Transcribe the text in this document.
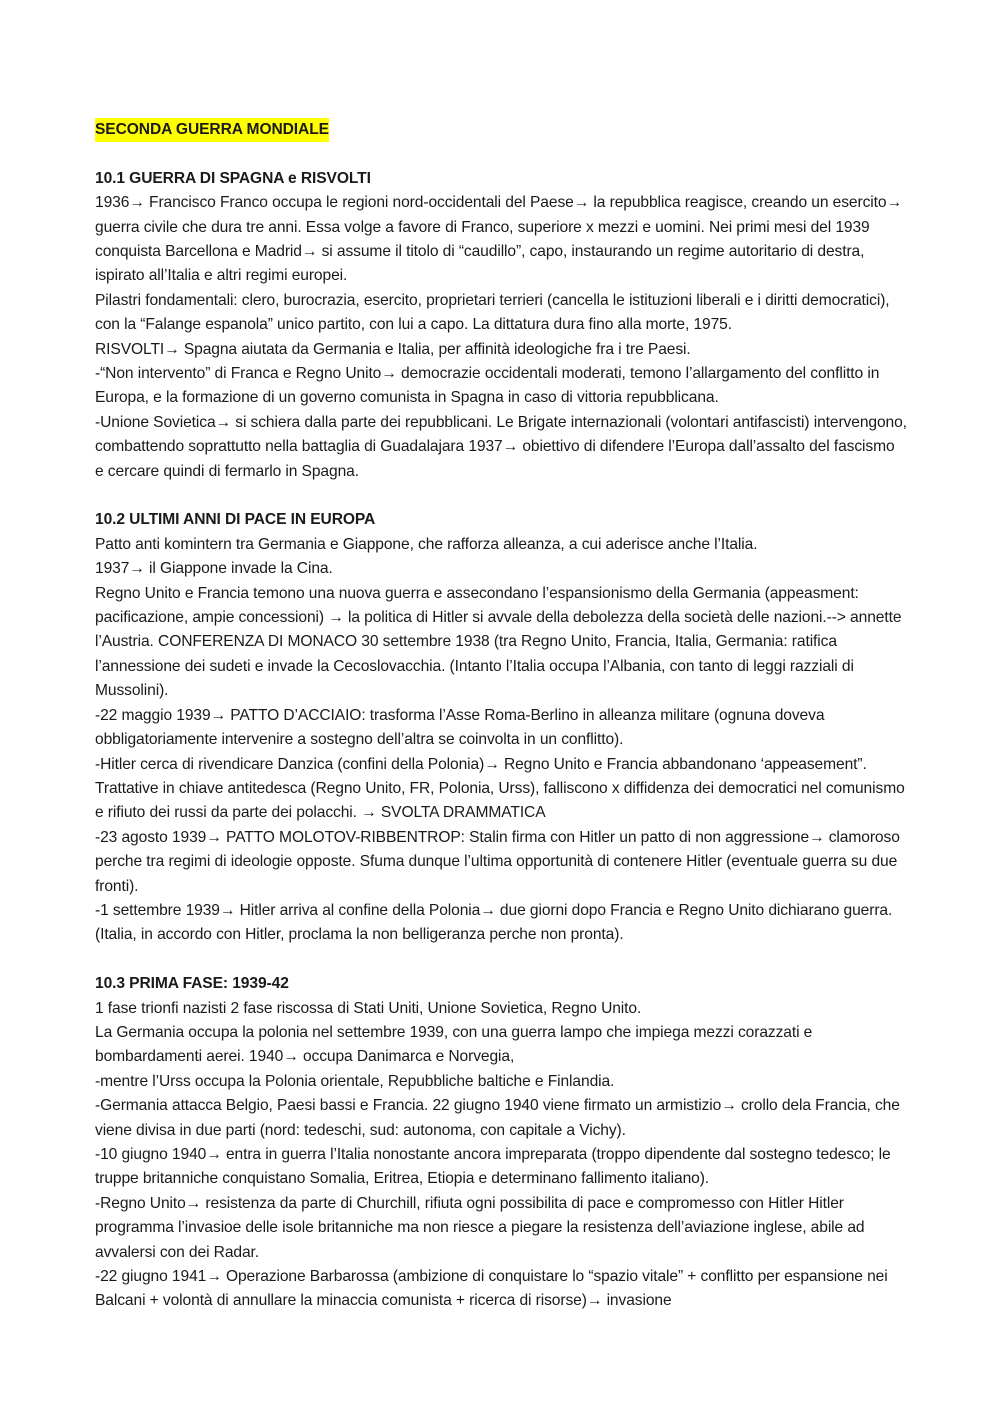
SECONDA GUERRA MONDIALE

10.1 GUERRA DI SPAGNA e RISVOLTI

1936→ Francisco Franco occupa le regioni nord-occidentali del Paese→ la repubblica reagisce, creando un esercito→ guerra civile che dura tre anni. Essa volge a favore di Franco, superiore x mezzi e uomini. Nei primi mesi del 1939 conquista Barcellona e Madrid→ si assume il titolo di “caudillo”, capo, instaurando un regime autoritario di destra, ispirato all’Italia e altri regimi europei.

Pilastri fondamentali: clero, burocrazia, esercito, proprietari terrieri (cancella le istituzioni liberali e i diritti democratici), con la “Falange espanola” unico partito, con lui a capo. La dittatura dura fino alla morte, 1975.

RISVOLTI→ Spagna aiutata da Germania e Italia, per affinità ideologiche fra i tre Paesi.

-“Non intervento” di Franca e Regno Unito→ democrazie occidentali moderati, temono l’allargamento del conflitto in Europa, e la formazione di un governo comunista in Spagna in caso di vittoria repubblicana.

-Unione Sovietica→ si schiera dalla parte dei repubblicani. Le Brigate internazionali (volontari antifascisti) intervengono, combattendo soprattutto nella battaglia di Guadalajara 1937→ obiettivo di difendere l’Europa dall’assalto del fascismo e cercare quindi di fermarlo in Spagna.

10.2 ULTIMI ANNI DI PACE IN EUROPA

Patto anti komintern tra Germania e Giappone, che rafforza alleanza, a cui aderisce anche l’Italia.

1937→ il Giappone invade la Cina.

Regno Unito e Francia temono una nuova guerra e assecondano l’espansionismo della Germania (appeasment: pacificazione, ampie concessioni) → la politica di Hitler si avvale della debolezza della società delle nazioni.--> annette l’Austria. CONFERENZA DI MONACO 30 settembre 1938 (tra Regno Unito, Francia, Italia, Germania: ratifica l’annessione dei sudeti e invade la Cecoslovacchia. (Intanto l’Italia occupa l’Albania, con tanto di leggi razziali di Mussolini).

-22 maggio 1939→ PATTO D’ACCIAIO: trasforma l’Asse Roma-Berlino in alleanza militare (ognuna doveva obbligatoriamente intervenire a sostegno dell’altra se coinvolta in un conflitto).

-Hitler cerca di rivendicare Danzica (confini della Polonia)→ Regno Unito e Francia abbandonano ‘appeasement”. Trattative in chiave antitedesca (Regno Unito, FR, Polonia, Urss), falliscono x diffidenza dei democratici nel comunismo e rifiuto dei russi da parte dei polacchi. → SVOLTA DRAMMATICA

-23 agosto 1939→ PATTO MOLOTOV-RIBBENTROP: Stalin firma con Hitler un patto di non aggressione→ clamoroso perche tra regimi di ideologie opposte. Sfuma dunque l’ultima opportunità di contenere Hitler (eventuale guerra su due fronti).

-1 settembre 1939→ Hitler arriva al confine della Polonia→ due giorni dopo Francia e Regno Unito dichiarano guerra. (Italia, in accordo con Hitler, proclama la non belligeranza perche non pronta).

10.3 PRIMA FASE: 1939-42

1 fase trionfi nazisti 2 fase riscossa di Stati Uniti, Unione Sovietica, Regno Unito.

La Germania occupa la polonia nel settembre 1939, con una guerra lampo che impiega mezzi corazzati e bombardamenti aerei. 1940→ occupa Danimarca e Norvegia,

-mentre l’Urss occupa la Polonia orientale, Repubbliche baltiche e Finlandia.

-Germania attacca Belgio, Paesi bassi e Francia. 22 giugno 1940 viene firmato un armistizio→ crollo dela Francia, che viene divisa in due parti (nord: tedeschi, sud: autonoma, con capitale a Vichy).

-10 giugno 1940→ entra in guerra l’Italia nonostante ancora impreparata (troppo dipendente dal sostegno tedesco; le truppe britanniche conquistano Somalia, Eritrea, Etiopia e determinano fallimento italiano).

-Regno Unito→ resistenza da parte di Churchill, rifiuta ogni possibilita di pace e compromesso con Hitler Hitler programma l’invasioe delle isole britanniche ma non riesce a piegare la resistenza dell’aviazione inglese, abile ad avvalersi con dei Radar.

-22 giugno 1941→ Operazione Barbarossa (ambizione di conquistare lo “spazio vitale” + conflitto per espansione nei Balcani + volontà di annullare la minaccia comunista + ricerca di risorse)→ invasione
